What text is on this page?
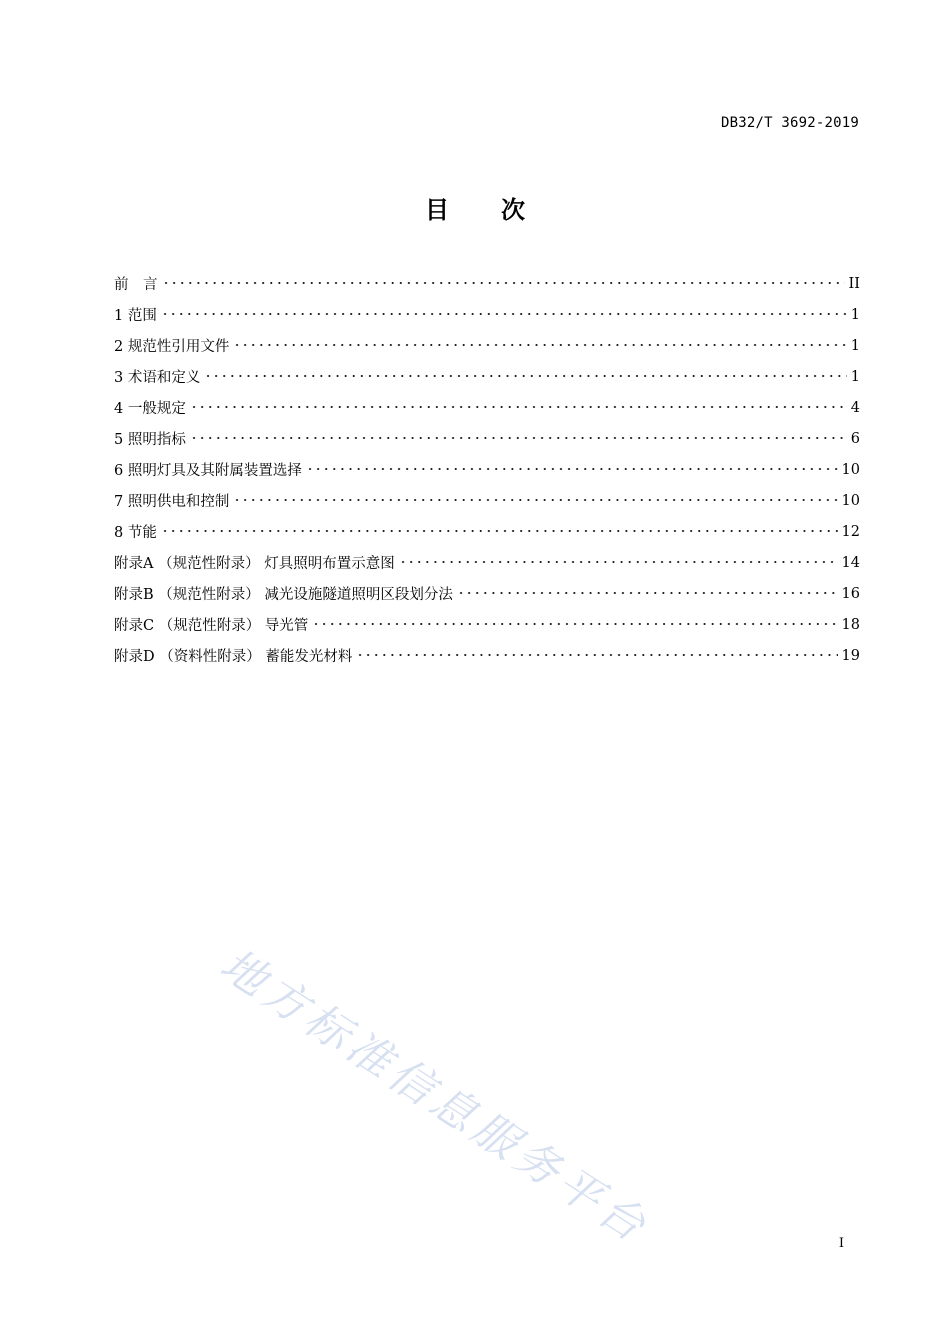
DB32/T 3692-2019
目 次
前　言	II
1 范围	1
2 规范性引用文件	1
3 术语和定义	1
4 一般规定	4
5 照明指标	6
6 照明灯具及其附属装置选择	10
7 照明供电和控制	10
8 节能	12
附录A （规范性附录） 灯具照明布置示意图	14
附录B （规范性附录） 减光设施隧道照明区段划分法	16
附录C （规范性附录） 导光管	18
附录D （资料性附录） 蓄能发光材料	19
地方标准信息服务平台	I
